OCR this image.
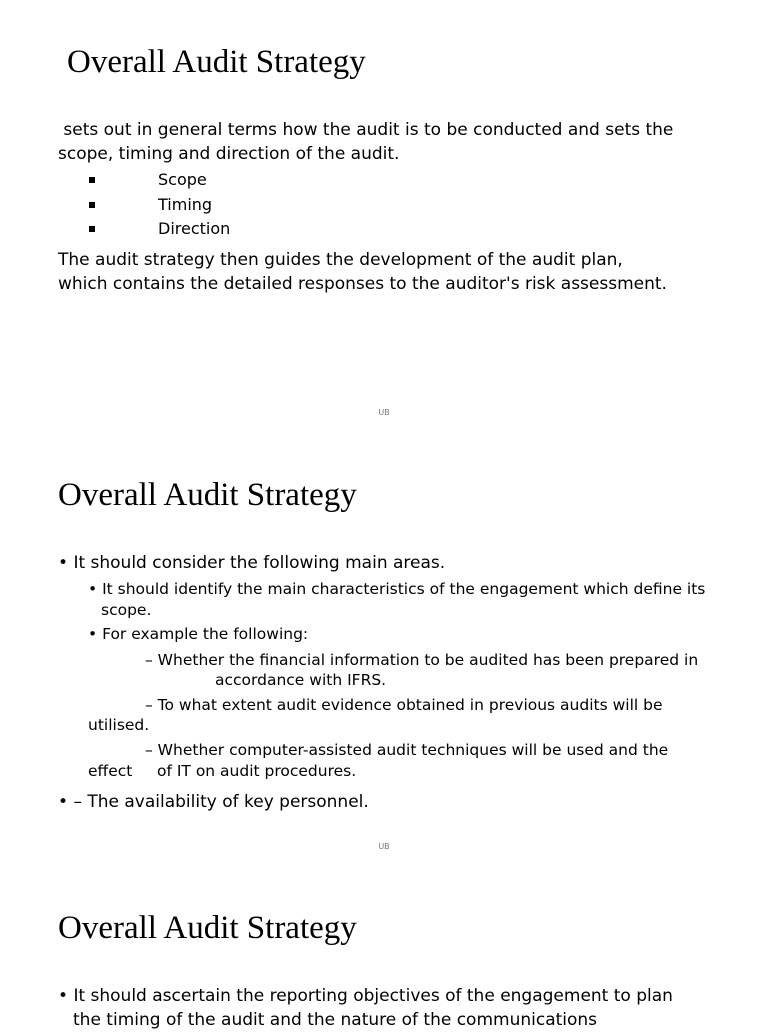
Overall Audit Strategy
sets out in general terms how the audit is to be conducted and sets the
scope, timing and direction of the audit.
Scope
Timing
Direction
The audit strategy then guides the development of the audit plan,
which contains the detailed responses to the auditor's risk assessment.
UB
Overall Audit Strategy
• It should consider the following main areas.
• It should identify the main characteristics of the engagement which define its
scope.
• For example the following:
– Whether the financial information to be audited has been prepared in
accordance with IFRS.
– To what extent audit evidence obtained in previous audits will be
utilised.
– Whether computer-assisted audit techniques will be used and the
effect     of IT on audit procedures.
• – The availability of key personnel.
UB
Overall Audit Strategy
• It should ascertain the reporting objectives of the engagement to plan
the timing of the audit and the nature of the communications
